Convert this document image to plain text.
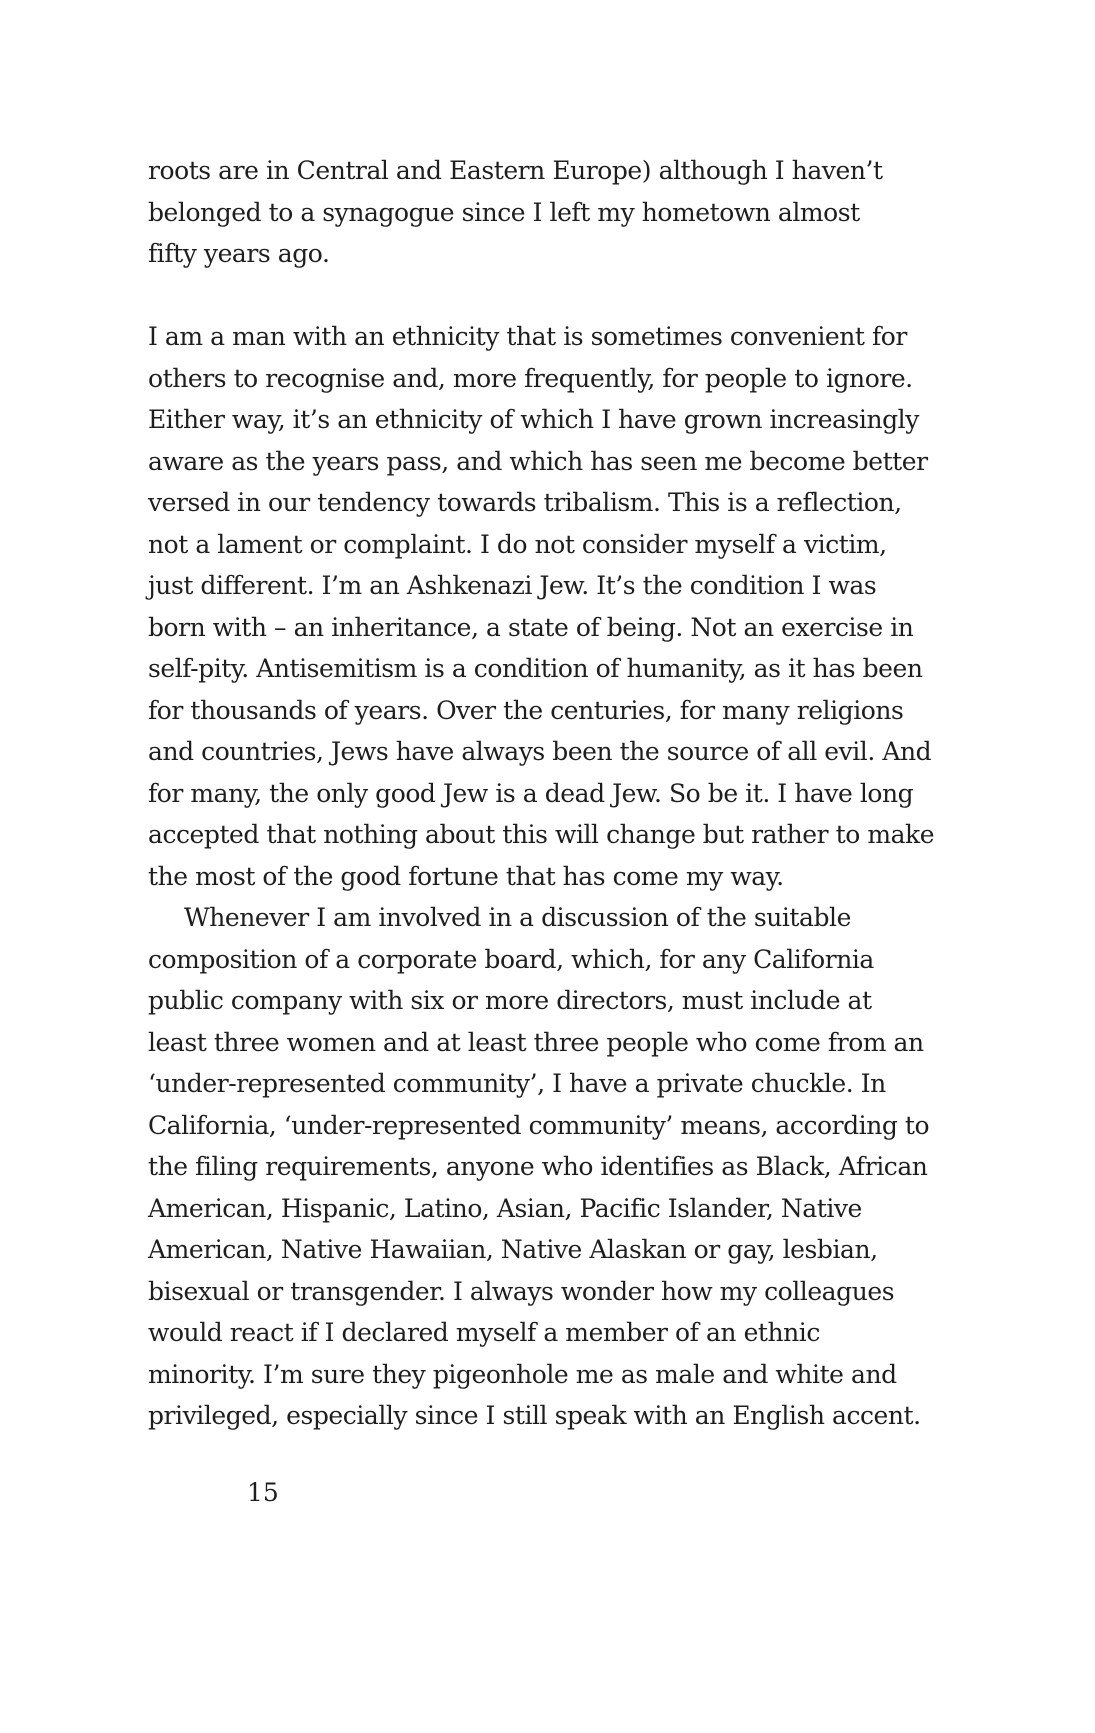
roots are in Central and Eastern Europe) although I haven’t
belonged to a synagogue since I left my hometown almost
fifty years ago.

I am a man with an ethnicity that is sometimes convenient for
others to recognise and, more frequently, for people to ignore.
Either way, it’s an ethnicity of which I have grown increasingly
aware as the years pass, and which has seen me become better
versed in our tendency towards tribalism. This is a reflection,
not a lament or complaint. I do not consider myself a victim,
just different. I’m an Ashkenazi Jew. It’s the condition I was
born with – an inheritance, a state of being. Not an exercise in
self-pity. Antisemitism is a condition of humanity, as it has been
for thousands of years. Over the centuries, for many religions
and countries, Jews have always been the source of all evil. And
for many, the only good Jew is a dead Jew. So be it. I have long
accepted that nothing about this will change but rather to make
the most of the good fortune that has come my way.

Whenever I am involved in a discussion of the suitable
composition of a corporate board, which, for any California
public company with six or more directors, must include at
least three women and at least three people who come from an
‘under-represented community’, I have a private chuckle. In
California, ‘under-represented community’ means, according to
the filing requirements, anyone who identifies as Black, African
American, Hispanic, Latino, Asian, Pacific Islander, Native
American, Native Hawaiian, Native Alaskan or gay, lesbian,
bisexual or transgender. I always wonder how my colleagues
would react if I declared myself a member of an ethnic
minority. I’m sure they pigeonhole me as male and white and
privileged, especially since I still speak with an English accent.

15
